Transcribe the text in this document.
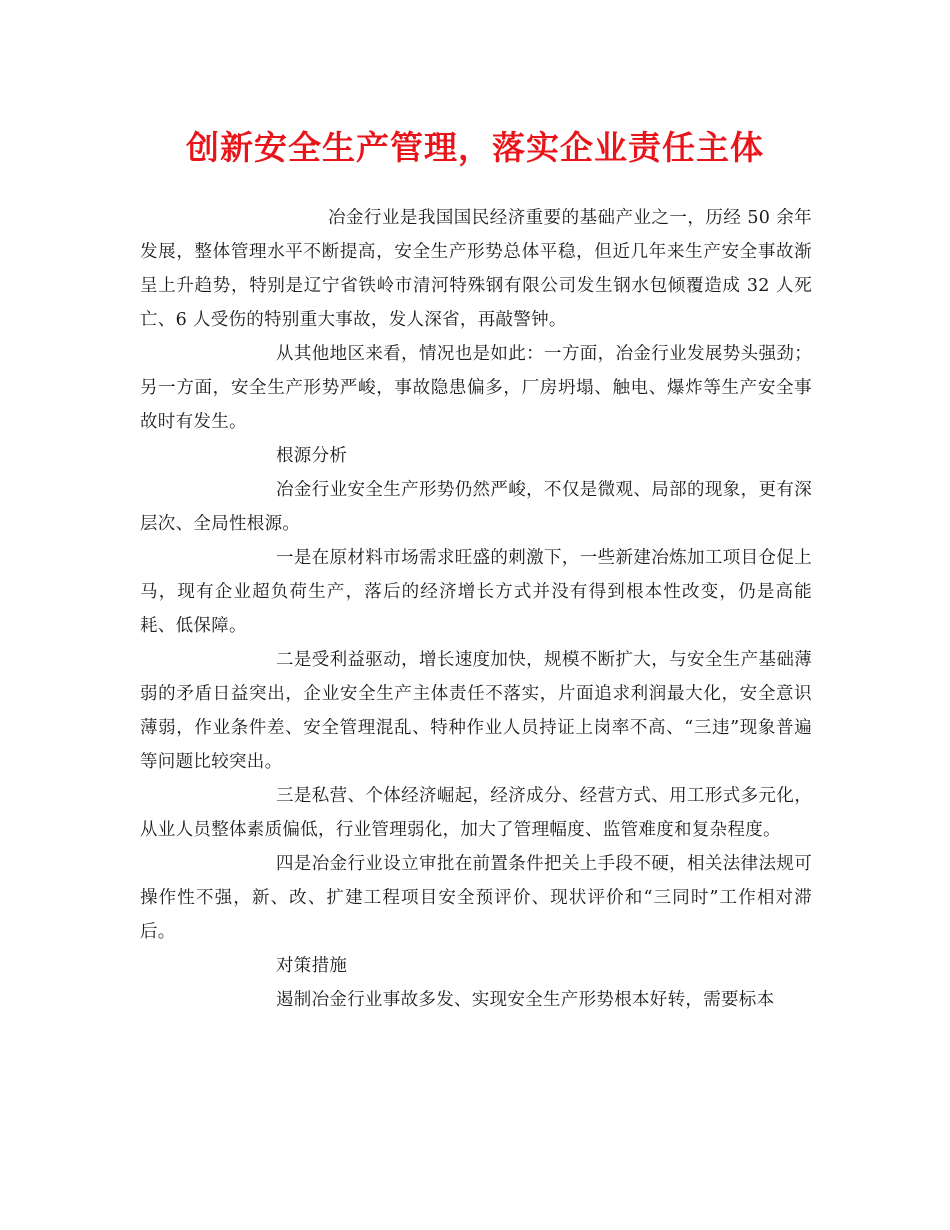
创新安全生产管理，落实企业责任主体

冶金行业是我国国民经济重要的基础产业之一，历经 50 余年发展，整体管理水平不断提高，安全生产形势总体平稳，但近几年来生产安全事故渐呈上升趋势，特别是辽宁省铁岭市清河特殊钢有限公司发生钢水包倾覆造成 32 人死亡、6 人受伤的特别重大事故，发人深省，再敲警钟。

从其他地区来看，情况也是如此：一方面，冶金行业发展势头强劲；另一方面，安全生产形势严峻，事故隐患偏多，厂房坍塌、触电、爆炸等生产安全事故时有发生。

根源分析

冶金行业安全生产形势仍然严峻，不仅是微观、局部的现象，更有深层次、全局性根源。

一是在原材料市场需求旺盛的刺激下，一些新建冶炼加工项目仓促上马，现有企业超负荷生产，落后的经济增长方式并没有得到根本性改变，仍是高能耗、低保障。

二是受利益驱动，增长速度加快，规模不断扩大，与安全生产基础薄弱的矛盾日益突出，企业安全生产主体责任不落实，片面追求利润最大化，安全意识薄弱，作业条件差、安全管理混乱、特种作业人员持证上岗率不高、“三违”现象普遍等问题比较突出。

三是私营、个体经济崛起，经济成分、经营方式、用工形式多元化，从业人员整体素质偏低，行业管理弱化，加大了管理幅度、监管难度和复杂程度。

四是冶金行业设立审批在前置条件把关上手段不硬，相关法律法规可操作性不强，新、改、扩建工程项目安全预评价、现状评价和“三同时”工作相对滞后。

对策措施

遏制冶金行业事故多发、实现安全生产形势根本好转，需要标本
